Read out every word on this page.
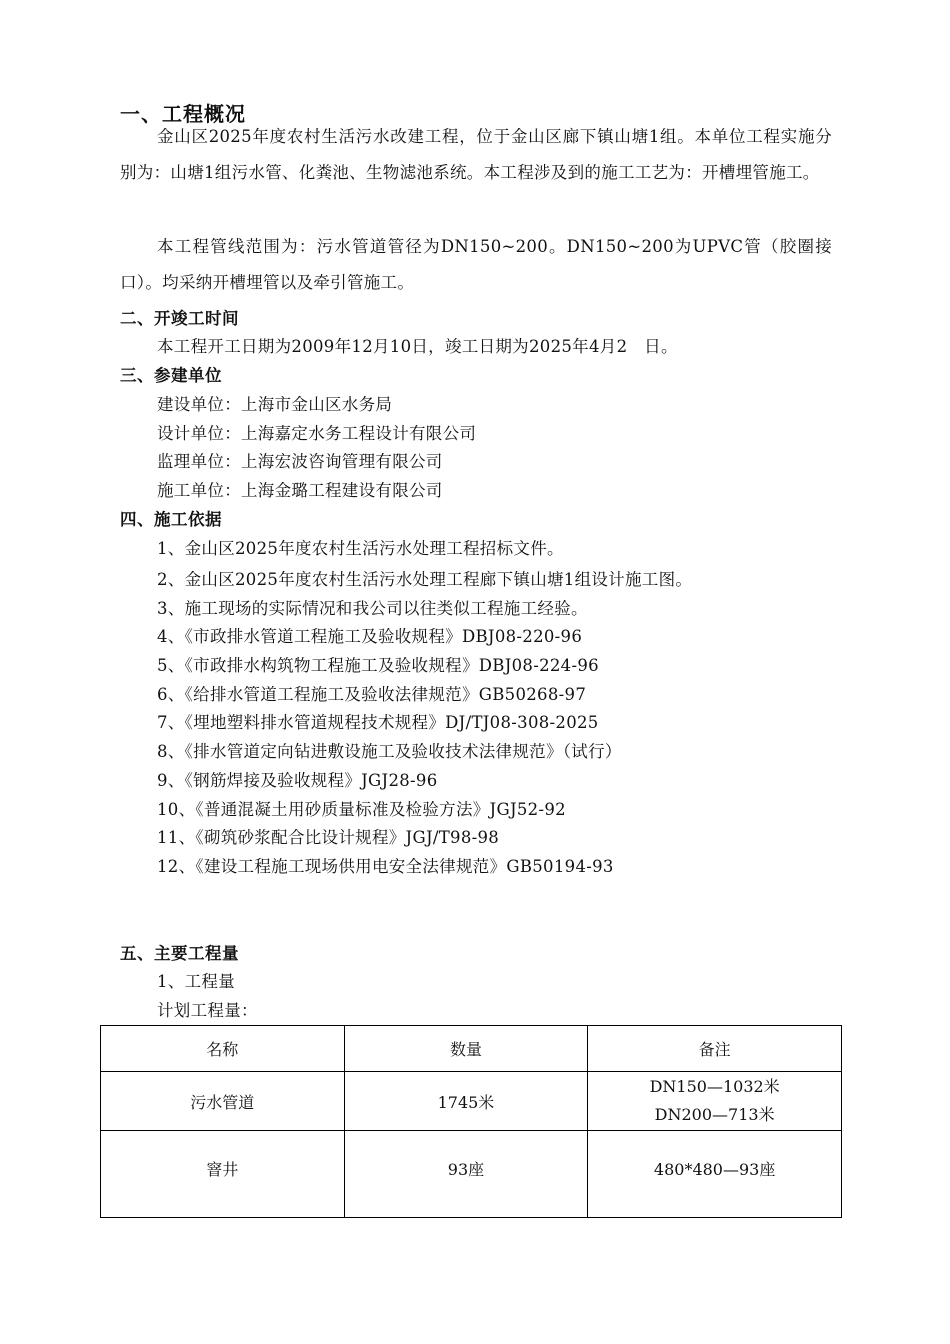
一、工程概况
金山区2025年度农村生活污水改建工程，位于金山区廊下镇山塘1组。本单位工程实施分别为：山塘1组污水管、化粪池、生物滤池系统。本工程涉及到的施工工艺为：开槽埋管施工。
本工程管线范围为：污水管道管径为DN150~200。DN150~200为UPVC管（胶圈接口）。均采纳开槽埋管以及牵引管施工。
二、开竣工时间
本工程开工日期为2009年12月10日，竣工日期为2025年4月2　日。
三、参建单位
建设单位：上海市金山区水务局
设计单位：上海嘉定水务工程设计有限公司
监理单位：上海宏波咨询管理有限公司
施工单位：上海金璐工程建设有限公司
四、施工依据
1、金山区2025年度农村生活污水处理工程招标文件。
2、金山区2025年度农村生活污水处理工程廊下镇山塘1组设计施工图。
3、施工现场的实际情况和我公司以往类似工程施工经验。
4、《市政排水管道工程施工及验收规程》DBJ08-220-96
5、《市政排水构筑物工程施工及验收规程》DBJ08-224-96
6、《给排水管道工程施工及验收法律规范》GB50268-97
7、《埋地塑料排水管道规程技术规程》DJ/TJ08-308-2025
8、《排水管道定向钻进敷设施工及验收技术法律规范》（试行）
9、《钢筋焊接及验收规程》JGJ28-96
10、《普通混凝土用砂质量标准及检验方法》JGJ52-92
11、《砌筑砂浆配合比设计规程》JGJ/T98-98
12、《建设工程施工现场供用电安全法律规范》GB50194-93
五、主要工程量
1、工程量
计划工程量：
名称	数量	备注
污水管道	1745米	DN150—1032米
DN200—713米

窨井	93座	480*480—93座
